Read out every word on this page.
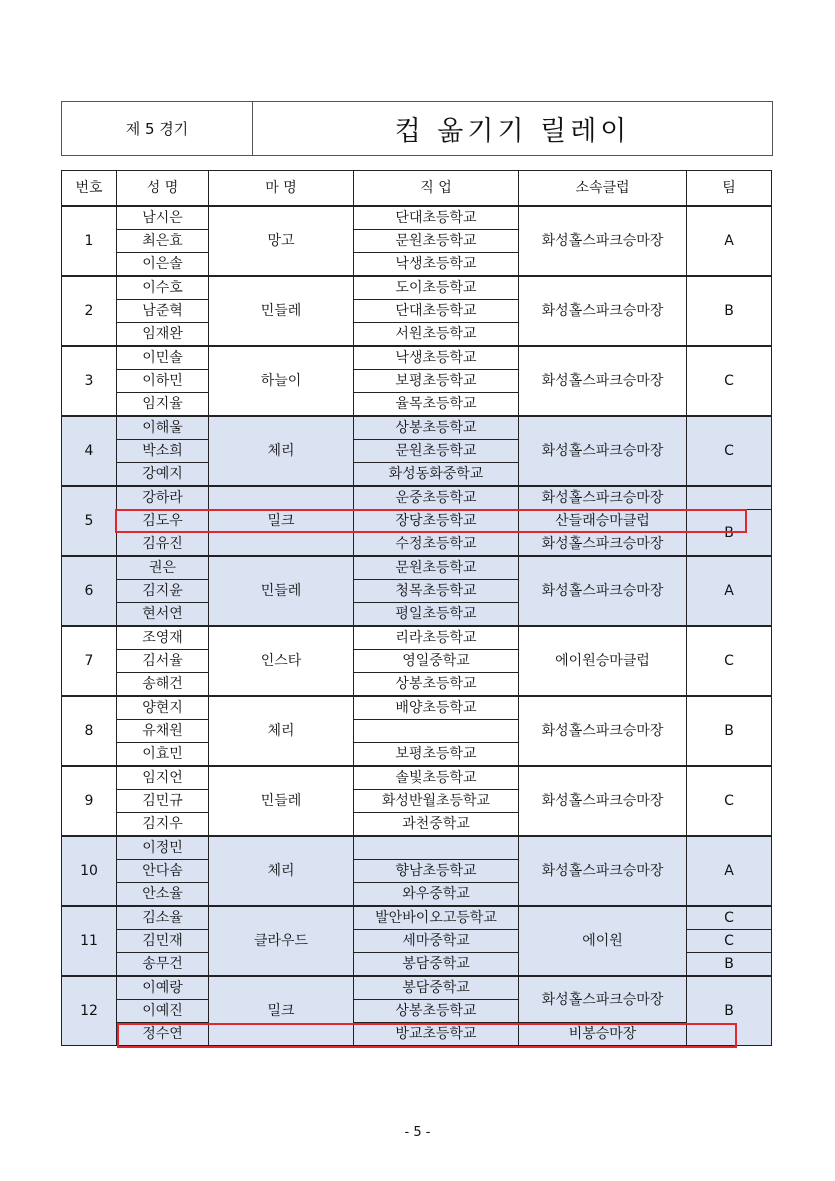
제 5 경기	컵 옮기기 릴레이
번호	성 명	마 명	직 업	소속클럽	팀
1	남시은	망고	단대초등학교	화성홀스파크승마장	A
	최은효		문원초등학교		
	이은솔		낙생초등학교		
2	이수호	민들레	도이초등학교	화성홀스파크승마장	B
	남준혁		단대초등학교		
	임재완		서원초등학교		
3	이민솔	하늘이	낙생초등학교	화성홀스파크승마장	C
	이하민		보평초등학교		
	임지율		율목초등학교		
4	이해울	체리	상봉초등학교	화성홀스파크승마장	C
	박소희		문원초등학교		
	강예지		화성동화중학교		
5	강하라	밀크	운중초등학교	화성홀스파크승마장	
	김도우		장당초등학교	산들래승마클럽	B
	김유진		수정초등학교	화성홀스파크승마장	
6	권은	민들레	문원초등학교	화성홀스파크승마장	A
	김지윤		청목초등학교		
	현서연		평일초등학교		
7	조영재	인스타	리라초등학교	에이원승마클럽	C
	김서율		영일중학교		
	송해건		상봉초등학교		
8	양현지	체리	배양초등학교	화성홀스파크승마장	B
	유채원				
	이효민		보평초등학교		
9	임지언	민들레	솔빛초등학교	화성홀스파크승마장	C
	김민규		화성반월초등학교		
	김지우		과천중학교		
10	이정민	체리		화성홀스파크승마장	A
	안다솜		향남초등학교		
	안소율		와우중학교		
11	김소율	클라우드	발안바이오고등학교	에이원	C
	김민재		세마중학교		C
	송무건		봉담중학교		B
12	이예랑	밀크	봉담중학교	화성홀스파크승마장	B
	이예진		상봉초등학교		
	정수연		방교초등학교	비봉승마장	
- 5 -
